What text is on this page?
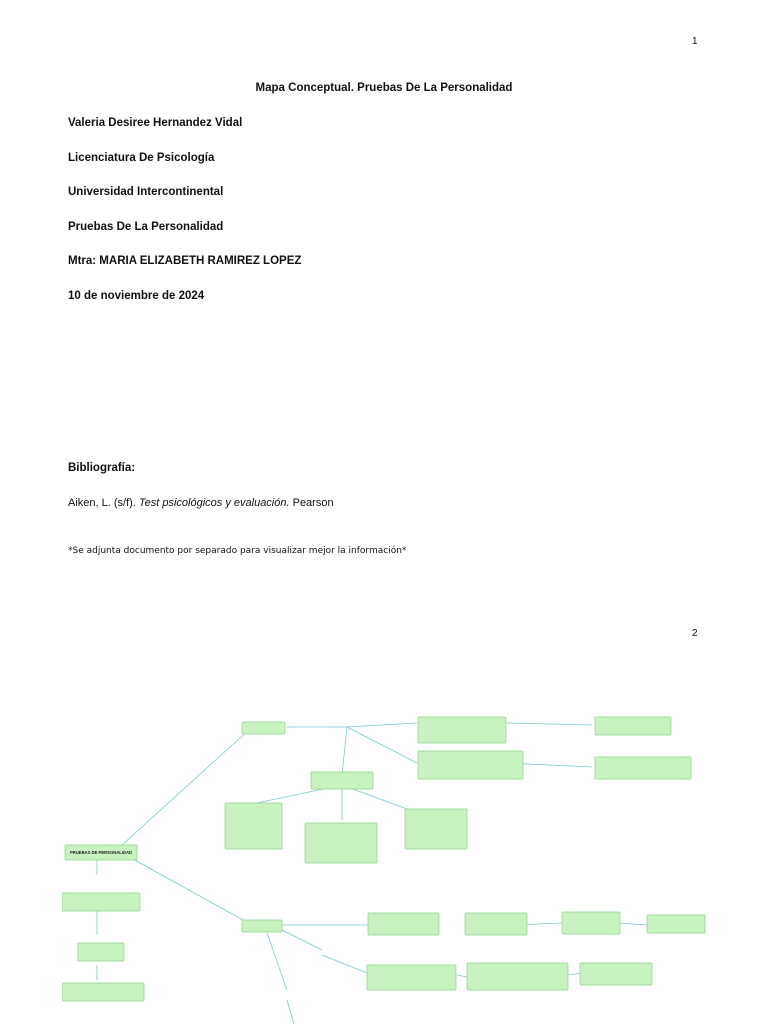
1
Mapa Conceptual. Pruebas De La Personalidad
Valeria Desiree Hernandez Vidal
Licenciatura De Psicología
Universidad Intercontinental
Pruebas De La Personalidad
Mtra: MARIA ELIZABETH RAMIREZ LOPEZ
10 de noviembre de 2024
Bibliografía:
Aiken, L. (s/f). Test psicológicos y evaluación. Pearson
*Se adjunta documento por separado para visualizar mejor la información*
2
PRUEBAS DE PERSONALIDAD
